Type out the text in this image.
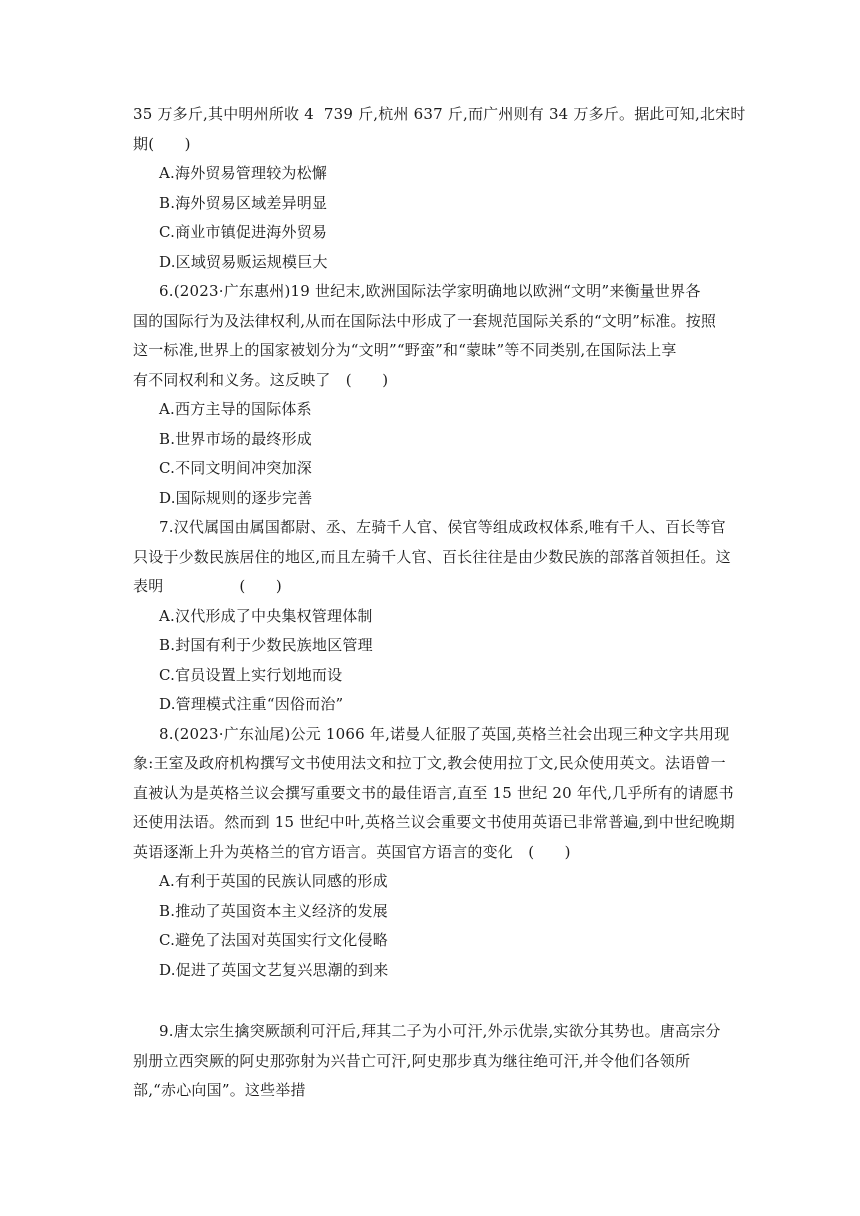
35 万多斤,其中明州所收 4  739 斤,杭州 637 斤,而广州则有 34 万多斤。据此可知,北宋时
期(　　)
A.海外贸易管理较为松懈
B.海外贸易区域差异明显
C.商业市镇促进海外贸易
D.区域贸易贩运规模巨大
6.(2023·广东惠州)19 世纪末,欧洲国际法学家明确地以欧洲“文明”来衡量世界各
国的国际行为及法律权利,从而在国际法中形成了一套规范国际关系的“文明”标准。按照
这一标准,世界上的国家被划分为“文明”“野蛮”和“蒙昧”等不同类别,在国际法上享
有不同权利和义务。这反映了　(　　)
A.西方主导的国际体系
B.世界市场的最终形成
C.不同文明间冲突加深
D.国际规则的逐步完善
7.汉代属国由属国都尉、丞、左骑千人官、侯官等组成政权体系,唯有千人、百长等官
只设于少数民族居住的地区,而且左骑千人官、百长往往是由少数民族的部落首领担任。这
表明　　　　　(　　)
A.汉代形成了中央集权管理体制
B.封国有利于少数民族地区管理
C.官员设置上实行划地而设
D.管理模式注重“因俗而治”
8.(2023·广东汕尾)公元 1066 年,诺曼人征服了英国,英格兰社会出现三种文字共用现
象:王室及政府机构撰写文书使用法文和拉丁文,教会使用拉丁文,民众使用英文。法语曾一
直被认为是英格兰议会撰写重要文书的最佳语言,直至 15 世纪 20 年代,几乎所有的请愿书
还使用法语。然而到 15 世纪中叶,英格兰议会重要文书使用英语已非常普遍,到中世纪晚期
英语逐渐上升为英格兰的官方语言。英国官方语言的变化　(　　)
A.有利于英国的民族认同感的形成
B.推动了英国资本主义经济的发展
C.避免了法国对英国实行文化侵略
D.促进了英国文艺复兴思潮的到来
9.唐太宗生擒突厥颉利可汗后,拜其二子为小可汗,外示优崇,实欲分其势也。唐高宗分
别册立西突厥的阿史那弥射为兴昔亡可汗,阿史那步真为继往绝可汗,并令他们各领所
部,“赤心向国”。这些举措
